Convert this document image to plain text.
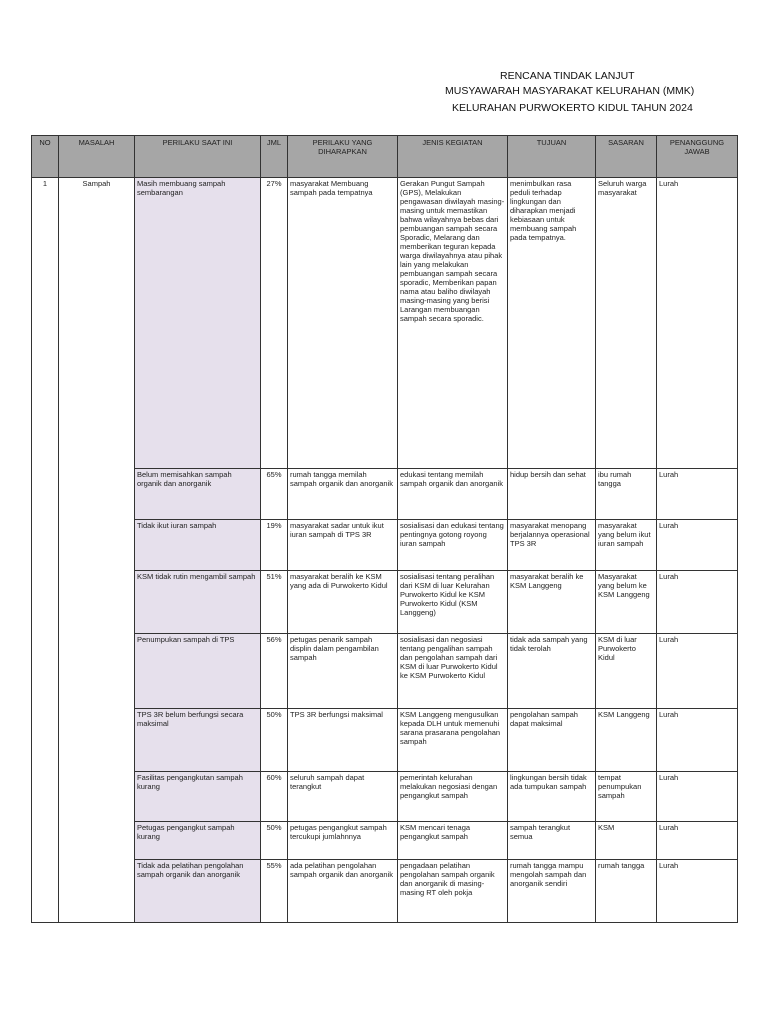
RENCANA TINDAK LANJUT
MUSYAWARAH MASYARAKAT KELURAHAN (MMK)
KELURAHAN PURWOKERTO KIDUL TAHUN 2024
NO	MASALAH	PERILAKU SAAT INI	JML	PERILAKU YANG DIHARAPKAN	JENIS KEGIATAN	TUJUAN	SASARAN	PENANGGUNG JAWAB
1	Sampah	Masih membuang sampah sembarangan	27%	masyarakat Membuang sampah pada tempatnya	Gerakan Pungut Sampah (GPS), Melakukan pengawasan diwilayah masing-masing untuk memastikan bahwa wilayahnya bebas dari pembuangan sampah secara Sporadic, Melarang dan memberikan teguran kepada warga diwilayahnya atau pihak lain yang melakukan pembuangan sampah secara sporadic, Memberikan papan nama atau baliho diwilayah masing-masing yang berisi Larangan membuangan sampah secara sporadic.	menimbulkan rasa peduli terhadap lingkungan dan diharapkan menjadi kebiasaan untuk membuang sampah pada tempatnya.	Seluruh warga masyarakat	Lurah
		Belum memisahkan sampah organik dan anorganik	65%	rumah tangga memilah sampah organik dan anorganik	edukasi tentang memilah sampah organik dan anorganik	hidup bersih dan sehat	ibu rumah tangga	Lurah
		Tidak ikut iuran sampah	19%	masyarakat sadar untuk ikut iuran sampah di TPS 3R	sosialisasi dan edukasi tentang pentingnya gotong royong iuran sampah	masyarakat menopang berjalannya operasional TPS 3R	masyarakat yang belum ikut iuran sampah	Lurah
		KSM tidak rutin mengambil sampah	51%	masyarakat beralih ke KSM yang ada di Purwokerto Kidul	sosialisasi tentang peralihan dari KSM di luar Kelurahan Purwokerto Kidul ke KSM Purwokerto Kidul (KSM Langgeng)	masyarakat beralih ke KSM Langgeng	Masyarakat yang belum ke KSM Langgeng	Lurah
		Penumpukan sampah di TPS	56%	petugas penarik sampah displin dalam pengambilan sampah	sosialisasi dan negosiasi tentang pengalihan sampah dan pengolahan sampah dari KSM di luar Purwokerto Kidul ke KSM Purwokerto Kidul	tidak ada sampah yang tidak terolah	KSM di luar Purwokerto Kidul	Lurah
		TPS 3R belum berfungsi secara maksimal	50%	TPS 3R berfungsi maksimal	KSM Langgeng mengusulkan kepada DLH untuk memenuhi sarana prasarana pengolahan sampah	pengolahan sampah dapat maksimal	KSM Langgeng	Lurah
		Fasilitas pengangkutan sampah kurang	60%	seluruh sampah dapat terangkut	pemerintah kelurahan melakukan negosiasi dengan pengangkut sampah	lingkungan bersih tidak ada tumpukan sampah	tempat penumpukan sampah	Lurah
		Petugas pengangkut sampah kurang	50%	petugas pengangkut sampah tercukupi jumlahnnya	KSM mencari tenaga pengangkut sampah	sampah terangkut semua	KSM	Lurah
		Tidak ada pelatihan pengolahan sampah organik dan anorganik	55%	ada pelatihan pengolahan sampah organik dan anorganik	pengadaan pelatihan pengolahan sampah organik dan anorganik di masing-masing RT oleh pokja	rumah tangga mampu mengolah sampah dan anorganik sendiri	rumah tangga	Lurah
